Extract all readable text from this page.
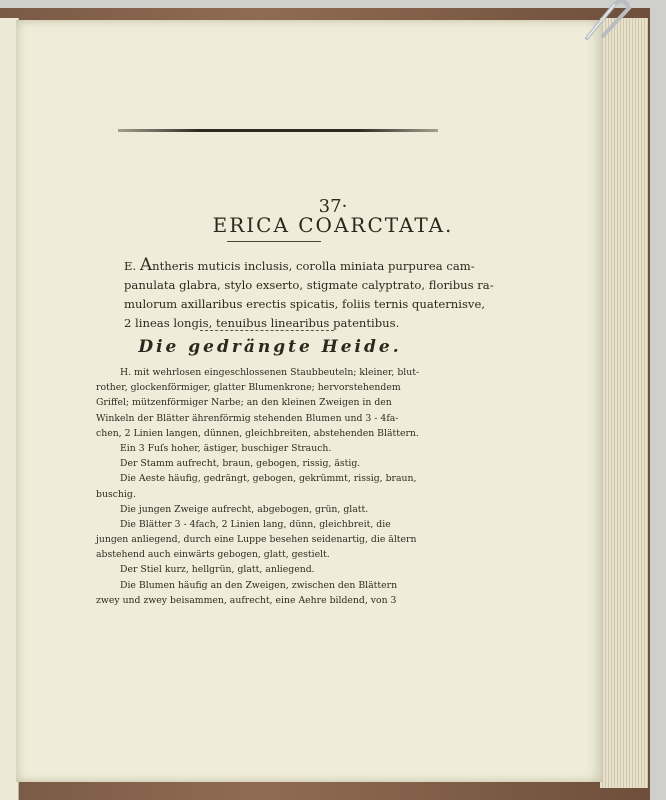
37·
ERICA COARCTATA.
E. Antheris muticis inclusis, corolla miniata purpurea cam-
panulata glabra, stylo exserto, stigmate calyptrato, floribus ra-
mulorum axillaribus erectis spicatis, foliis ternis quaternisve,
2 lineas longis, tenuibus linearibus patentibus.
Die gedrängte Heide.
H. mit wehrlosen eingeschlossenen Staubbeuteln; kleiner, blut-
rother, glockenförmiger, glatter Blumenkrone; hervorstehendem
Griffel; mützenförmiger Narbe; an den kleinen Zweigen in den
Winkeln der Blätter ährenförmig stehenden Blumen und 3 - 4fa-
chen, 2 Linien langen, dünnen, gleichbreiten, abstehenden Blättern.
Ein 3 Fuſs hoher, ästiger, buschiger Strauch.
Der Stamm aufrecht, braun, gebogen, rissig, ästig.
Die Aeste häufig, gedrängt, gebogen, gekrümmt, rissig, braun,
buschig.
Die jungen Zweige aufrecht, abgebogen, grün, glatt.
Die Blätter 3 - 4fach, 2 Linien lang, dünn, gleichbreit, die
jungen anliegend, durch eine Luppe besehen seidenartig, die ältern
abstehend auch einwärts gebogen, glatt, gestielt.
Der Stiel kurz, hellgrün, glatt, anliegend.
Die Blumen häufig an den Zweigen, zwischen den Blättern
zwey und zwey beisammen, aufrecht, eine Aehre bildend, von 3
